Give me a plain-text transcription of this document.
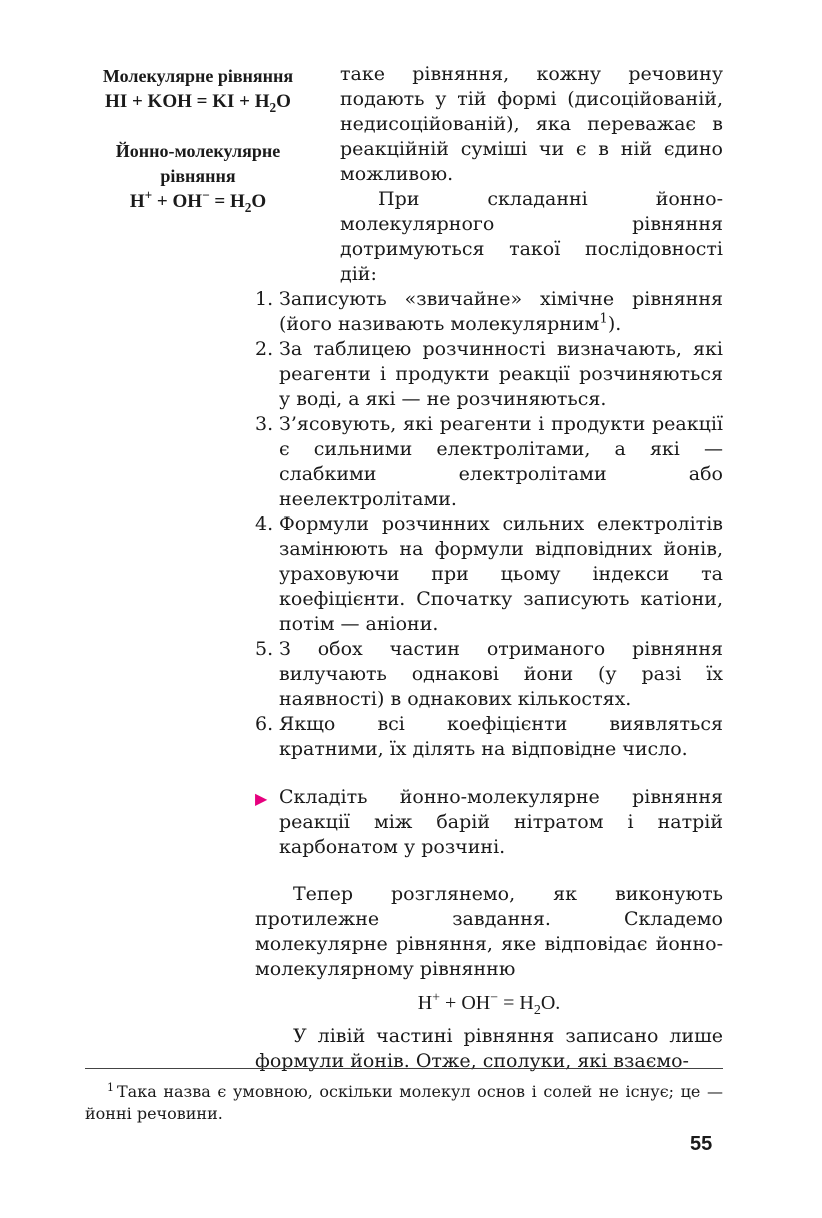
Молекулярне рівняння
HI + KOH = KI + $H_2O$
Йонно-молекулярне
рівняння
$H^+ + OH^- = H_2O$

таке рівняння, кожну речовину подають у тій формі (дисоційованій, недисоційованій), яка переважає в реакційній суміші чи є в ній єдино можливою.

При складанні йонно-молекулярного рівняння дотримуються такої послідовності дій:

1. Записують «звичайне» хімічне рівняння (його називають молекулярним$^1$).
2. За таблицею розчинності визначають, які реагенти і продукти реакції розчиняються у воді, а які — не розчиняються.
3. З’ясовують, які реагенти і продукти реакції є сильними електролітами, а які — слабкими електролітами або неелектролітами.
4. Формули розчинних сильних електролітів замінюють на формули відповідних йонів, ураховуючи при цьому індекси та коефіцієнти. Спочатку записують катіони, потім — аніони.
5. З обох частин отриманого рівняння вилучають однакові йони (у разі їх наявності) в однакових кількостях.
6. Якщо всі коефіцієнти виявляться кратними, їх ділять на відповідне число.
▶ Складіть йонно-молекулярне рівняння реакції між барій нітратом і натрій карбонатом у розчині.

Тепер розглянемо, як виконують протилежне завдання. Складемо молекулярне рівняння, яке відповідає йонно-молекулярному рівнянню

$H^+ + OH^- = H_2O$.

У лівій частині рівняння записано лише формули йонів. Отже, сполуки, які взаємо-

$^1$ Така назва є умовною, оскільки молекул основ і солей не існує; це — йонні речовини.
55
